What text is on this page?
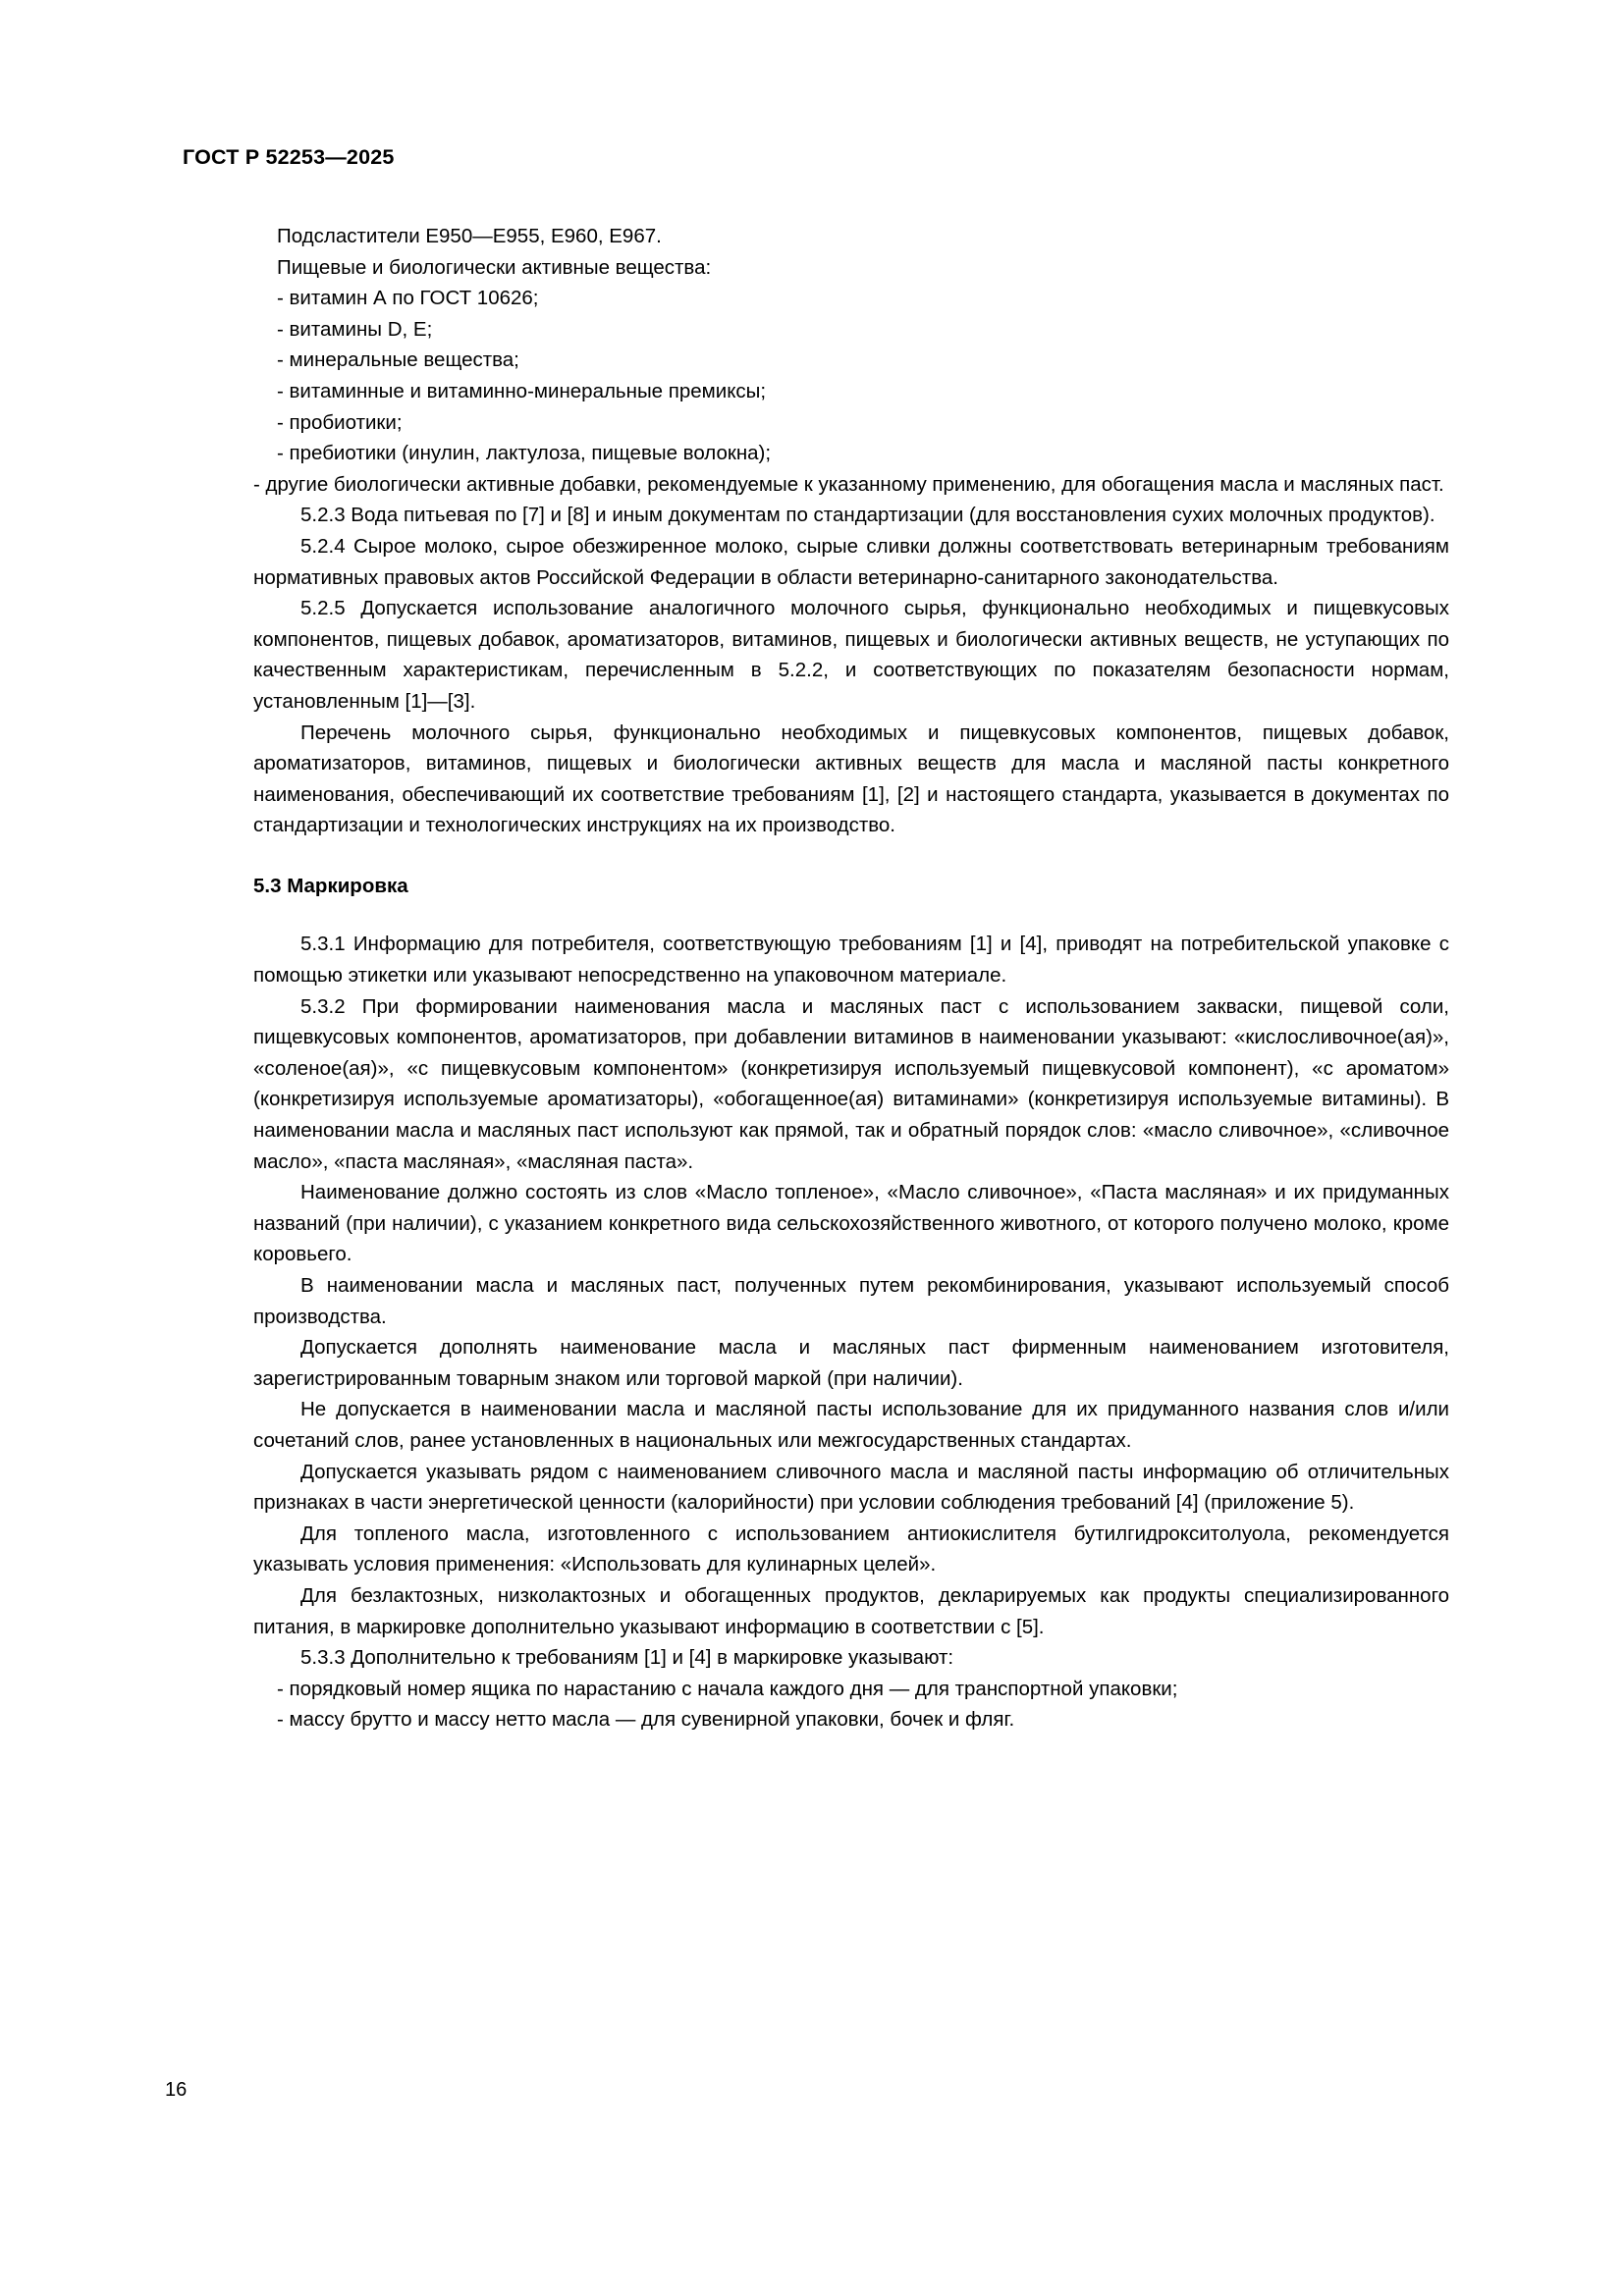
ГОСТ Р 52253—2025

Подсластители Е950—Е955, Е960, Е967.

Пищевые и биологически активные вещества:

- витамин А по ГОСТ 10626;

- витамины D, Е;

- минеральные вещества;

- витаминные и витаминно-минеральные премиксы;

- пробиотики;

- пребиотики (инулин, лактулоза, пищевые волокна);

- другие биологически активные добавки, рекомендуемые к указанному применению, для обогащения масла и масляных паст.

5.2.3 Вода питьевая по [7] и [8] и иным документам по стандартизации (для восстановления сухих молочных продуктов).

5.2.4 Сырое молоко, сырое обезжиренное молоко, сырые сливки должны соответствовать ветеринарным требованиям нормативных правовых актов Российской Федерации в области ветеринарно-санитарного законодательства.

5.2.5 Допускается использование аналогичного молочного сырья, функционально необходимых и пищевкусовых компонентов, пищевых добавок, ароматизаторов, витаминов, пищевых и биологически активных веществ, не уступающих по качественным характеристикам, перечисленным в 5.2.2, и соответствующих по показателям безопасности нормам, установленным [1]—[3].

Перечень молочного сырья, функционально необходимых и пищевкусовых компонентов, пищевых добавок, ароматизаторов, витаминов, пищевых и биологически активных веществ для масла и масляной пасты конкретного наименования, обеспечивающий их соответствие требованиям [1], [2] и настоящего стандарта, указывается в документах по стандартизации и технологических инструкциях на их производство.

5.3 Маркировка

5.3.1 Информацию для потребителя, соответствующую требованиям [1] и [4], приводят на потребительской упаковке с помощью этикетки или указывают непосредственно на упаковочном материале.

5.3.2 При формировании наименования масла и масляных паст с использованием закваски, пищевой соли, пищевкусовых компонентов, ароматизаторов, при добавлении витаминов в наименовании указывают: «кислосливочное(ая)», «соленое(ая)», «с пищевкусовым компонентом» (конкретизируя используемый пищевкусовой компонент), «с ароматом» (конкретизируя используемые ароматизаторы), «обогащенное(ая) витаминами» (конкретизируя используемые витамины). В наименовании масла и масляных паст используют как прямой, так и обратный порядок слов: «масло сливочное», «сливочное масло», «паста масляная», «масляная паста».

Наименование должно состоять из слов «Масло топленое», «Масло сливочное», «Паста масляная» и их придуманных названий (при наличии), с указанием конкретного вида сельскохозяйственного животного, от которого получено молоко, кроме коровьего.

В наименовании масла и масляных паст, полученных путем рекомбинирования, указывают используемый способ производства.

Допускается дополнять наименование масла и масляных паст фирменным наименованием изготовителя, зарегистрированным товарным знаком или торговой маркой (при наличии).

Не допускается в наименовании масла и масляной пасты использование для их придуманного названия слов и/или сочетаний слов, ранее установленных в национальных или межгосударственных стандартах.

Допускается указывать рядом с наименованием сливочного масла и масляной пасты информацию об отличительных признаках в части энергетической ценности (калорийности) при условии соблюдения требований [4] (приложение 5).

Для топленого масла, изготовленного с использованием антиокислителя бутилгидрокситолуола, рекомендуется указывать условия применения: «Использовать для кулинарных целей».

Для безлактозных, низколактозных и обогащенных продуктов, декларируемых как продукты специализированного питания, в маркировке дополнительно указывают информацию в соответствии с [5].

5.3.3 Дополнительно к требованиям [1] и [4] в маркировке указывают:

- порядковый номер ящика по нарастанию с начала каждого дня — для транспортной упаковки;

- массу брутто и массу нетто масла — для сувенирной упаковки, бочек и фляг.

16
